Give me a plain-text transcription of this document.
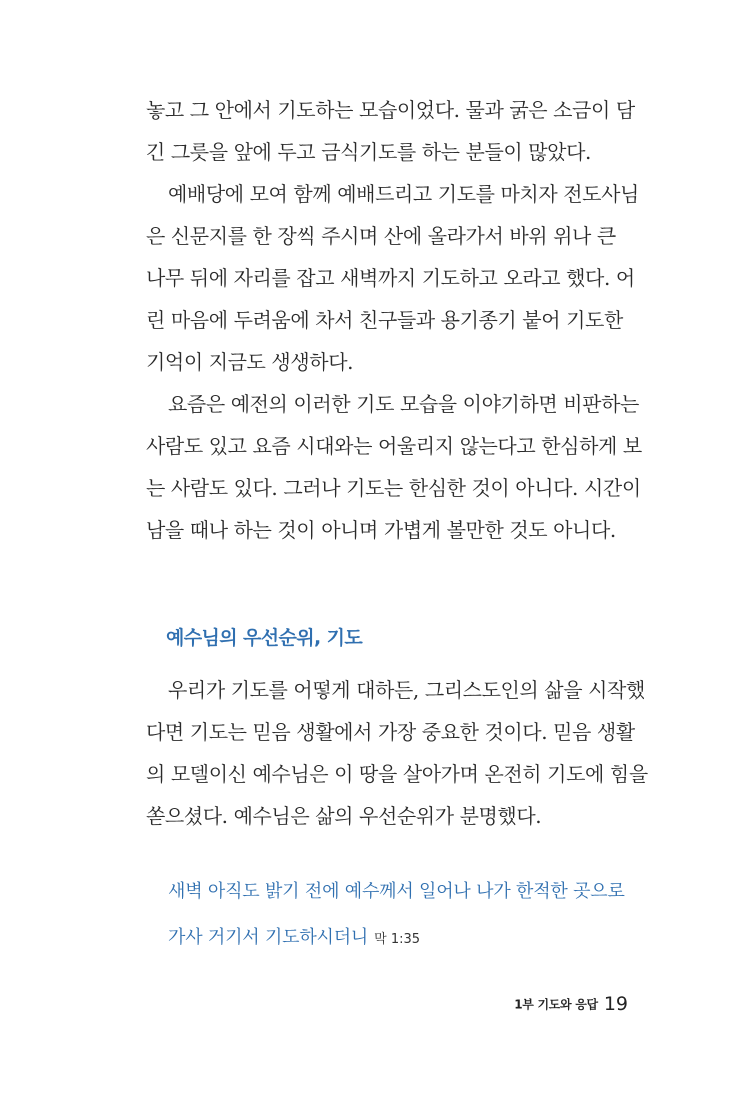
놓고 그 안에서 기도하는 모습이었다. 물과 굵은 소금이 담
긴 그릇을 앞에 두고 금식기도를 하는 분들이 많았다.
예배당에 모여 함께 예배드리고 기도를 마치자 전도사님
은 신문지를 한 장씩 주시며 산에 올라가서 바위 위나 큰
나무 뒤에 자리를 잡고 새벽까지 기도하고 오라고 했다. 어
린 마음에 두려움에 차서 친구들과 용기종기 붙어 기도한
기억이 지금도 생생하다.
요즘은 예전의 이러한 기도 모습을 이야기하면 비판하는
사람도 있고 요즘 시대와는 어울리지 않는다고 한심하게 보
는 사람도 있다. 그러나 기도는 한심한 것이 아니다. 시간이
남을 때나 하는 것이 아니며 가볍게 볼만한 것도 아니다.
예수님의 우선순위, 기도
우리가 기도를 어떻게 대하든, 그리스도인의 삶을 시작했
다면 기도는 믿음 생활에서 가장 중요한 것이다. 믿음 생활
의 모델이신 예수님은 이 땅을 살아가며 온전히 기도에 힘을
쏟으셨다. 예수님은 삶의 우선순위가 분명했다.
새벽 아직도 밝기 전에 예수께서 일어나 나가 한적한 곳으로
가사 거기서 기도하시더니 막 1:35
1부 기도와 응답 19
